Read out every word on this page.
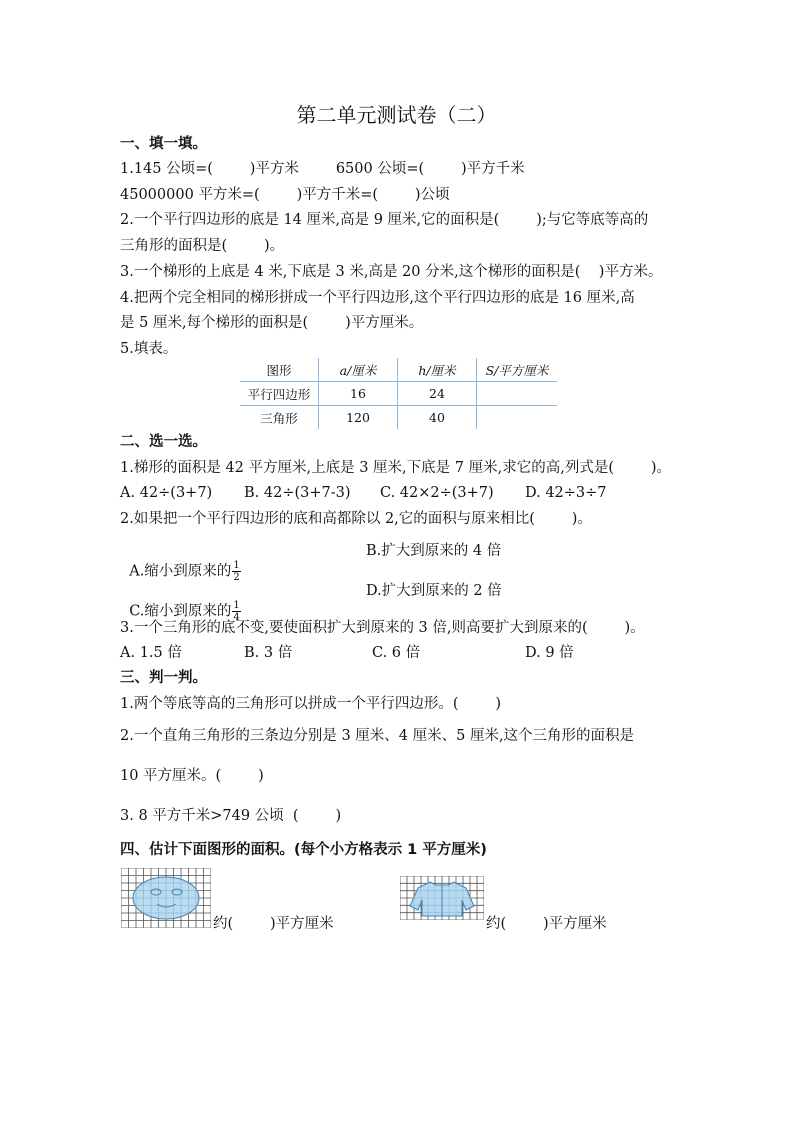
第二单元测试卷（二）
一、填一填。
1.145 公顷=(        )平方米        6500 公顷=(        )平方千米
45000000 平方米=(        )平方千米=(        )公顷
2.一个平行四边形的底是 14 厘米,高是 9 厘米,它的面积是(        );与它等底等高的
三角形的面积是(        )。
3.一个梯形的上底是 4 米,下底是 3 米,高是 20 分米,这个梯形的面积是(    )平方米。
4.把两个完全相同的梯形拼成一个平行四边形,这个平行四边形的底是 16 厘米,高
是 5 厘米,每个梯形的面积是(        )平方厘米。
5.填表。
图形	a/厘米	h/厘米	S/平方厘米
平行四边形	16	24	
三角形	120	40	
二、选一选。
1.梯形的面积是 42 平方厘米,上底是 3 厘米,下底是 7 厘米,求它的高,列式是(        )。
A. 42÷(3+7) B. 42÷(3+7-3) C. 42×2÷(3+7) D. 42÷3÷7
2.如果把一个平行四边形的底和高都除以 2,它的面积与原来相比(        )。

A.缩小到原来的 $\frac{1}{2}$

B.扩大到原来的 4 倍

C.缩小到原来的 $\frac{1}{4}$

D.扩大到原来的 2 倍
3.一个三角形的底不变,要使面积扩大到原来的 3 倍,则高要扩大到原来的(        )。
A. 1.5 倍	B. 3 倍	C. 6 倍	D. 9 倍
三、判一判。
1.两个等底等高的三角形可以拼成一个平行四边形。(        )
2.一个直角三角形的三条边分别是 3 厘米、4 厘米、5 厘米,这个三角形的面积是
10 平方厘米。(        )
3. 8 平方千米>749 公顷  (        )
四、估计下面图形的面积。(每个小方格表示 1 平方厘米)
约(        )平方厘米	约(        )平方厘米
